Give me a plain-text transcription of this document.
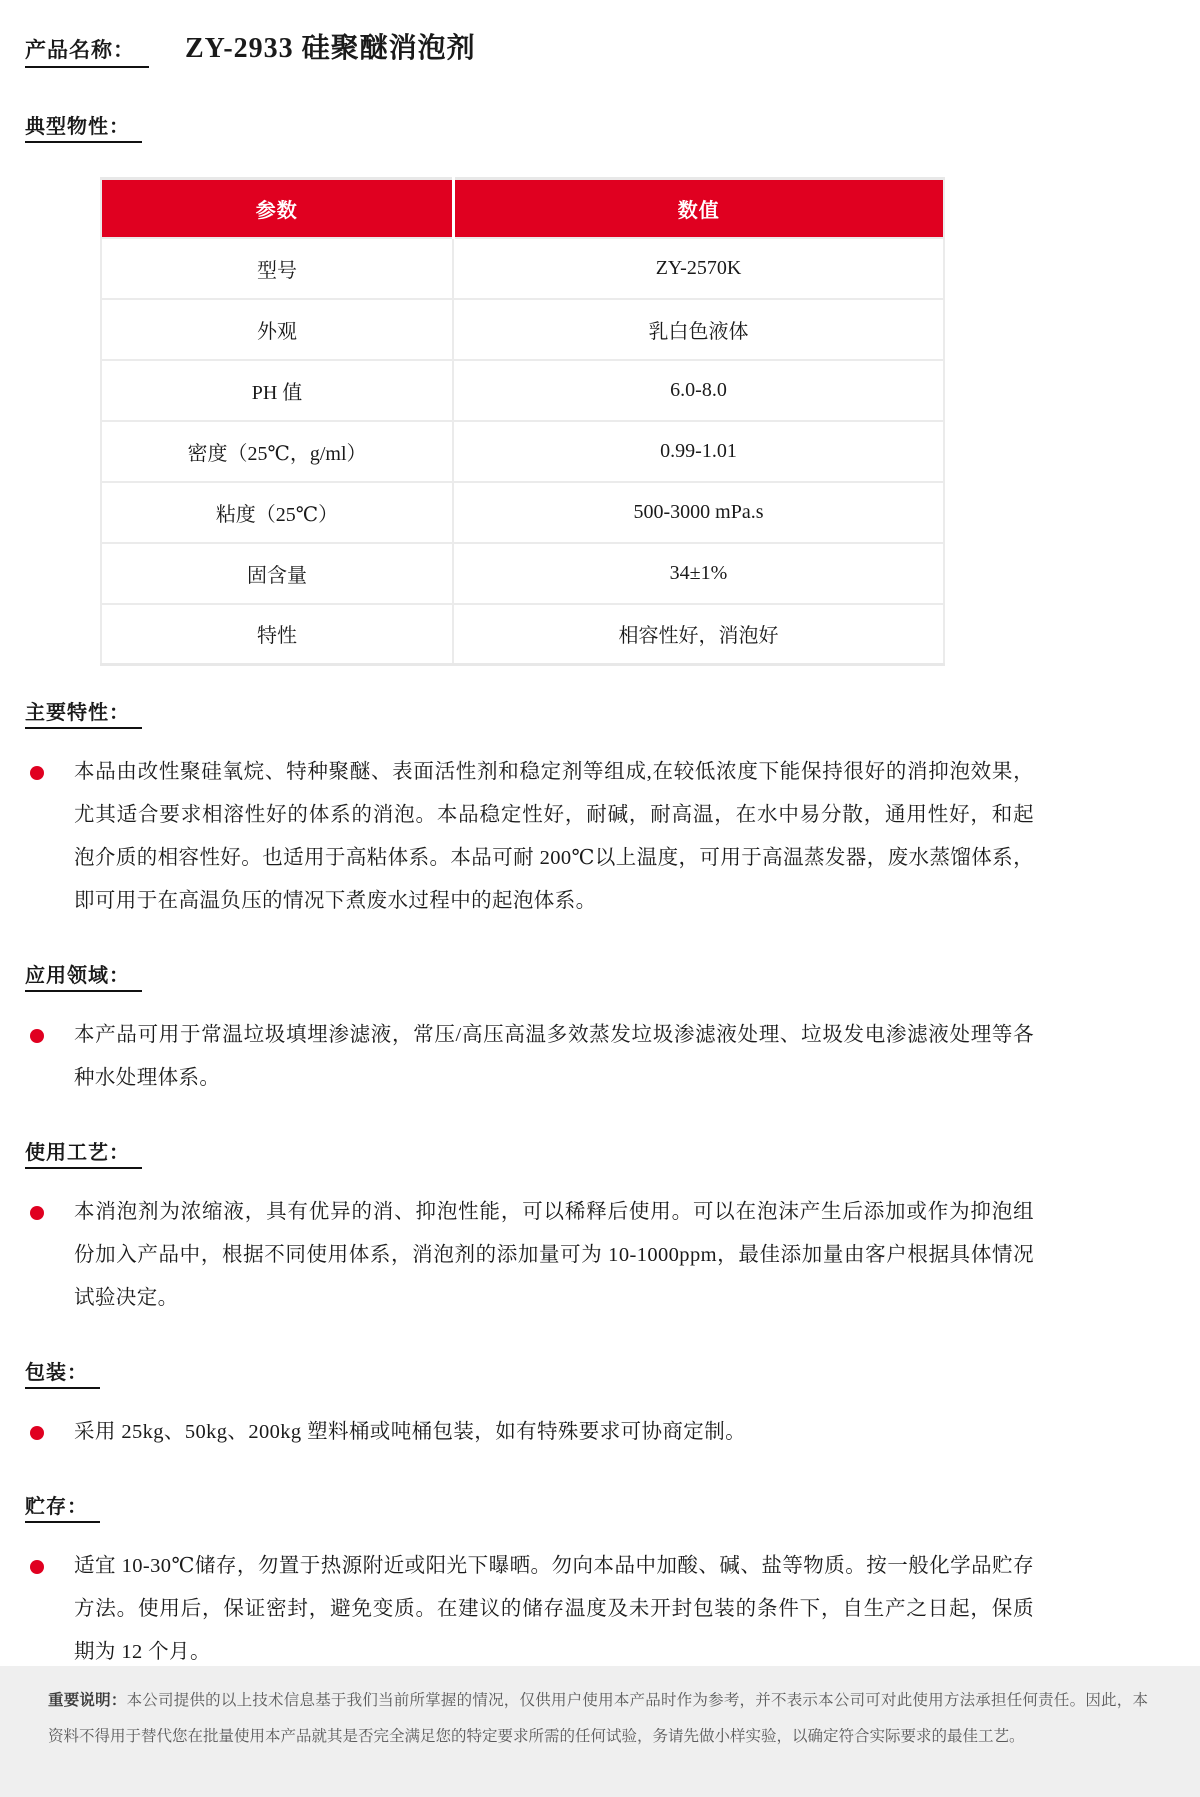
产品名称：	ZY-2933 硅聚醚消泡剂
典型物性：
参数	数值
型号	ZY-2570K
外观	乳白色液体
PH 值	6.0-8.0
密度（25℃，g/ml）	0.99-1.01
粘度（25℃）	500-3000 mPa.s
固含量	34±1%
特性	相容性好，消泡好
主要特性：

本品由改性聚硅氧烷、特种聚醚、表面活性剂和稳定剂等组成,在较低浓度下能保持很好的消抑泡效果，尤其适合要求相溶性好的体系的消泡。本品稳定性好，耐碱，耐高温，在水中易分散，通用性好，和起泡介质的相容性好。也适用于高粘体系。本品可耐 200℃以上温度，可用于高温蒸发器，废水蒸馏体系，即可用于在高温负压的情况下煮废水过程中的起泡体系。

应用领域：

本产品可用于常温垃圾填埋渗滤液，常压/高压高温多效蒸发垃圾渗滤液处理、垃圾发电渗滤液处理等各种水处理体系。

使用工艺：

本消泡剂为浓缩液，具有优异的消、抑泡性能，可以稀释后使用。可以在泡沫产生后添加或作为抑泡组份加入产品中，根据不同使用体系，消泡剂的添加量可为 10-1000ppm，最佳添加量由客户根据具体情况试验决定。

包装：

采用 25kg、50kg、200kg 塑料桶或吨桶包装，如有特殊要求可协商定制。

贮存：

适宜 10-30℃储存，勿置于热源附近或阳光下曝晒。勿向本品中加酸、碱、盐等物质。按一般化学品贮存方法。使用后，保证密封，避免变质。在建议的储存温度及未开封包装的条件下，自生产之日起，保质期为 12 个月。

重要说明：本公司提供的以上技术信息基于我们当前所掌握的情况，仅供用户使用本产品时作为参考，并不表示本公司可对此使用方法承担任何责任。因此，本资料不得用于替代您在批量使用本产品就其是否完全满足您的特定要求所需的任何试验，务请先做小样实验，以确定符合实际要求的最佳工艺。
